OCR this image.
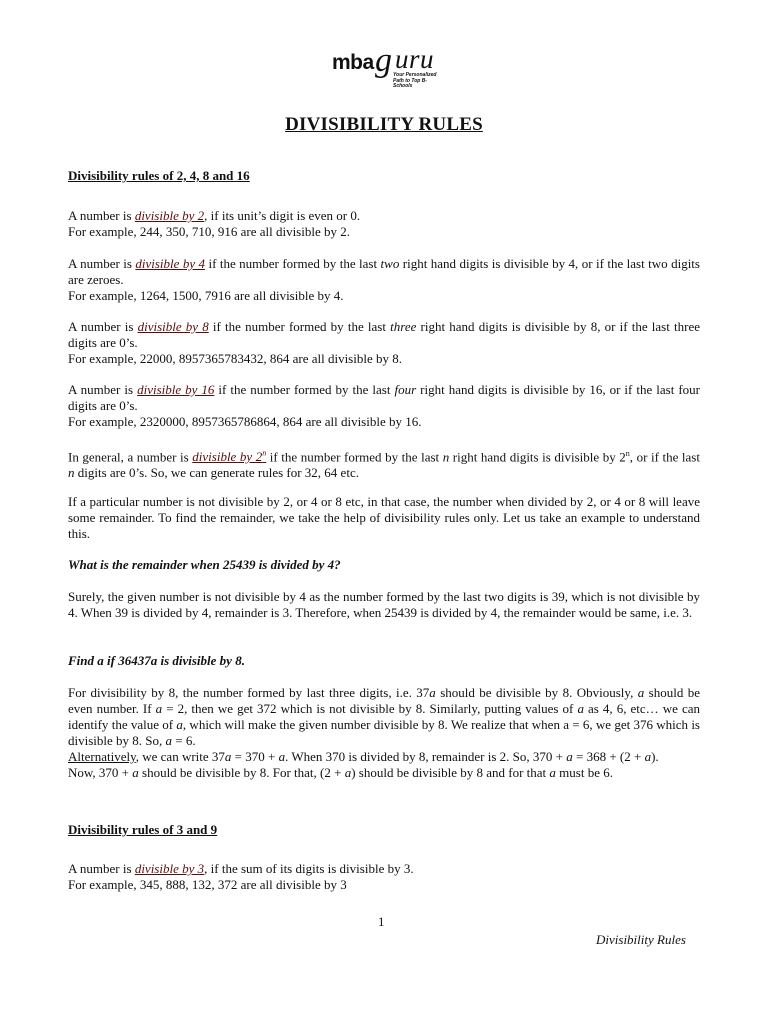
mba g uru
Your Personalized Path to Top B-Schools
DIVISIBILITY RULES

Divisibility rules of 2, 4, 8 and 16

A number is divisible by 2, if its unit’s digit is even or 0.
For example, 244, 350, 710, 916 are all divisible by 2.

A number is divisible by 4 if the number formed by the last two right hand digits is divisible by 4, or if the last two digits are zeroes.
For example, 1264, 1500, 7916 are all divisible by 4.

A number is divisible by 8 if the number formed by the last three right hand digits is divisible by 8, or if the last three digits are 0’s.
For example, 22000, 8957365783432, 864 are all divisible by 8.

A number is divisible by 16 if the number formed by the last four right hand digits is divisible by 16, or if the last four digits are 0’s.
For example, 2320000, 8957365786864, 864 are all divisible by 16.

In general, a number is divisible by 2$^n$ if the number formed by the last n right hand digits is divisible by 2$^n$, or if the last n digits are 0’s. So, we can generate rules for 32, 64 etc.

If a particular number is not divisible by 2, or 4 or 8 etc, in that case, the number when divided by 2, or 4 or 8 will leave some remainder. To find the remainder, we take the help of divisibility rules only. Let us take an example to understand this.

What is the remainder when 25439 is divided by 4?

Surely, the given number is not divisible by 4 as the number formed by the last two digits is 39, which is not divisible by 4. When 39 is divided by 4, remainder is 3. Therefore, when 25439 is divided by 4, the remainder would be same, i.e. 3.

Find a if 36437a is divisible by 8.

For divisibility by 8, the number formed by last three digits, i.e. 37a should be divisible by 8. Obviously, a should be even number. If a = 2, then we get 372 which is not divisible by 8. Similarly, putting values of a as 4, 6, etc… we can identify the value of a, which will make the given number divisible by 8. We realize that when a = 6, we get 376 which is divisible by 8. So, a = 6.
Alternatively, we can write 37a = 370 + a. When 370 is divided by 8, remainder is 2. So, 370 + a = 368 + (2 + a).
Now, 370 + a should be divisible by 8. For that, (2 + a) should be divisible by 8 and for that a must be 6.

Divisibility rules of 3 and 9

A number is divisible by 3, if the sum of its digits is divisible by 3.
For example, 345, 888, 132, 372 are all divisible by 3

1
Divisibility Rules
